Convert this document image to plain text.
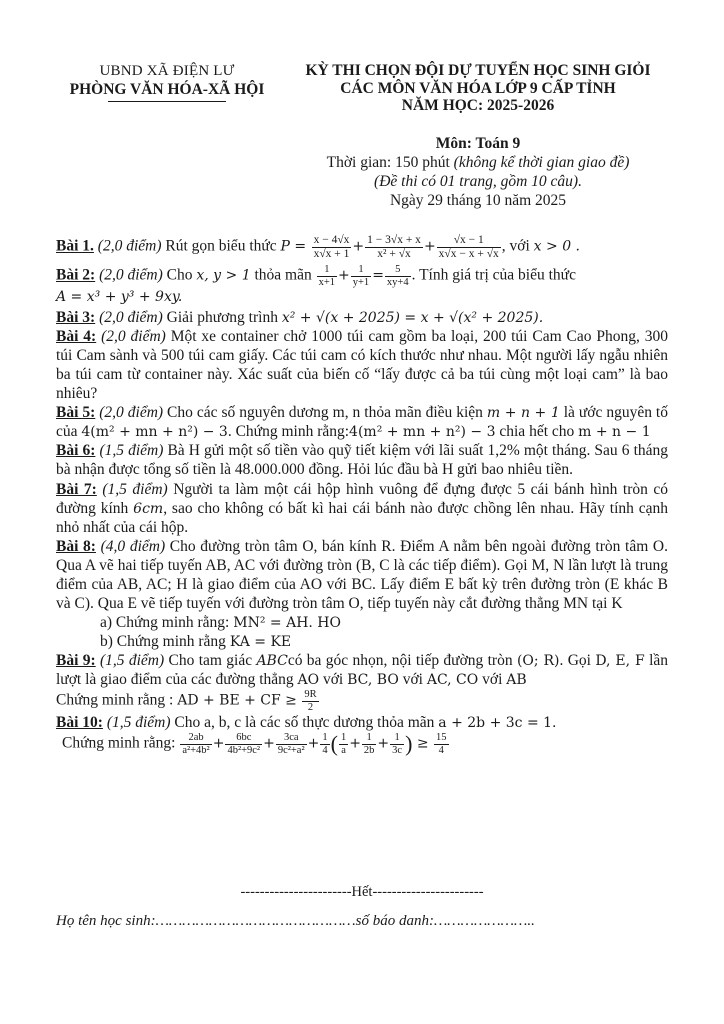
UBND XÃ ĐIỆN LƯ
PHÒNG VĂN HÓA-XÃ HỘI
KỲ THI CHỌN ĐỘI DỰ TUYỂN HỌC SINH GIỎI
CÁC MÔN VĂN HÓA LỚP 9 CẤP TỈNH
NĂM HỌC: 2025-2026
Môn: Toán 9
Thời gian: 150 phút (không kể thời gian giao đề)
(Đề thi có 01 trang, gồm 10 câu).
Ngày 29 tháng 10 năm 2025

Bài 1. (2,0 điểm) Rút gọn biểu thức $P = \frac{x - 4√x}{x√x + 1} + \frac{1 - 3√x + x}{\text{x² + √x}} + \frac{√x - 1}{x√x - x + √x}$ , với x > 0 .

Bài 2: (2,0 điểm) Cho x, y > 1 thỏa mãn $\frac{1}{x+1} + \frac{1}{y+1} = \frac{5}{xy+4}$ . Tính giá trị của biểu thức
A = x³ + y³ + 9xy.

Bài 3: (2,0 điểm) Giải phương trình x² + √(x + 2025) = x + √(x² + 2025).

Bài 4: (2,0 điểm) Một xe container chở 1000 túi cam gồm ba loại, 200 túi Cam Cao Phong, 300 túi Cam sành và 500 túi cam giấy. Các túi cam có kích thước như nhau. Một người lấy ngẫu nhiên ba túi cam từ container này. Xác suất của biến cố “lấy được cả ba túi cùng một loại cam” là bao nhiêu?

Bài 5: (2,0 điểm) Cho các số nguyên dương m, n thỏa mãn điều kiện m + n + 1 là ước nguyên tố của 4(m² + mn + n²) − 3. Chứng minh rằng:4(m² + mn + n²) − 3 chia hết cho m + n − 1

Bài 6: (1,5 điểm) Bà H gửi một số tiền vào quỹ tiết kiệm với lãi suất 1,2% một tháng. Sau 6 tháng bà nhận được tổng số tiền là 48.000.000 đồng. Hỏi lúc đầu bà H gửi bao nhiêu tiền.

Bài 7: (1,5 điểm) Người ta làm một cái hộp hình vuông để đựng được 5 cái bánh hình tròn có đường kính 6cm, sao cho không có bất kì hai cái bánh nào được chồng lên nhau. Hãy tính cạnh nhỏ nhất của cái hộp.

Bài 8: (4,0 điểm) Cho đường tròn tâm O, bán kính R. Điểm A nằm bên ngoài đường tròn tâm O. Qua A vẽ hai tiếp tuyến AB, AC với đường tròn (B, C là các tiếp điểm). Gọi M, N lần lượt là trung điểm của AB, AC; H là giao điểm của AO với BC. Lấy điểm E bất kỳ trên đường tròn (E khác B và C). Qua E vẽ tiếp tuyến với đường tròn tâm O, tiếp tuyến này cắt đường thẳng MN tại K

a) Chứng minh rằng: MN² = AH. HO

b) Chứng minh rằng KA = KE

Bài 9: (1,5 điểm) Cho tam giác ABCcó ba góc nhọn, nội tiếp đường tròn (O; R). Gọi D, E, F lần lượt là giao điểm của các đường thẳng AO với BC, BO với AC, CO với AB
Chứng minh rằng : AD + BE + CF ≥ $\frac{9R}{2}$

Bài 10: (1,5 điểm) Cho a, b, c là các số thực dương thỏa mãn a + 2b + 3c = 1.

Chứng minh rằng: $\frac{2ab}{\text{a²+4b²}} + \frac{6bc}{\text{4b²+9c²}} + \frac{3ca}{\text{9c²+a²}} + \frac{1}{4}$ ( $\frac{1}{a} + \frac{1}{2b} + \frac{1}{3c}$ ) ≥ $\frac{15}{4}$

-----------------------Hết-----------------------
Họ tên học sinh:………………………………………số báo danh:…………………..
